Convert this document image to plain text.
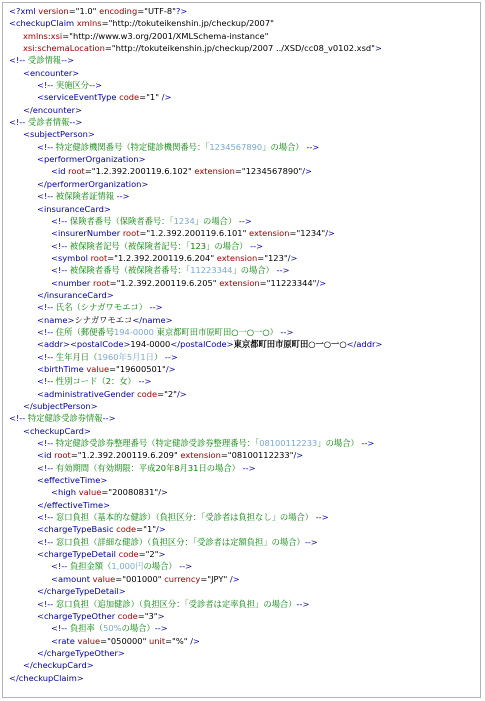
<?xml version="1.0" encoding="UTF-8"?>
<checkupClaim xmlns="http://tokuteikenshin.jp/checkup/2007"
xmlns:xsi="http://www.w3.org/2001/XMLSchema-instance"
xsi:schemaLocation="http://tokuteikenshin.jp/checkup/2007 ../XSD/cc08_v0102.xsd">
<!-- 受診情報-->
<encounter>
<!-- 実施区分-->
<serviceEventType code="1" />
</encounter>
<!-- 受診者情報-->
<subjectPerson>
<!-- 特定健診機関番号（特定健診機関番号：「1234567890」の場合） -->
<performerOrganization>
<id root="1.2.392.200119.6.102" extension="1234567890"/>
</performerOrganization>
<!-- 被保険者証情報 -->
<insuranceCard>
<!-- 保険者番号（保険者番号：「1234」の場合） -->
<insurerNumber root="1.2.392.200119.6.101" extension="1234"/>
<!-- 被保険者記号（被保険者記号：「123」の場合） -->
<symbol root="1.2.392.200119.6.204" extension="123"/>
<!-- 被保険者番号（被保険者番号：「11223344」の場合） -->
<number root="1.2.392.200119.6.205" extension="11223344"/>
</insuranceCard>
<!-- 氏名（シナガワモエコ） -->
<name>シナガワモエコ</name>
<!-- 住所（郵便番号194-0000 東京都町田市原町田○一○一○） -->
<addr><postalCode>194-0000</postalCode>東京都町田市原町田○一○一○</addr>
<!-- 生年月日（1960年5月1日） -->
<birthTime value="19600501"/>
<!-- 性別コード（2：女） -->
<administrativeGender code="2"/>
</subjectPerson>
<!-- 特定健診受診券情報-->
<checkupCard>
<!-- 特定健診受診券整理番号（特定健診受診券整理番号：「08100112233」の場合） -->
<id root="1.2.392.200119.6.209" extension="08100112233"/>
<!-- 有効期間（有効期限：平成20年8月31日の場合） -->
<effectiveTime>
<high value="20080831"/>
</effectiveTime>
<!-- 窓口負担（基本的な健診）（負担区分：「受診者は負担なし」の場合） -->
<chargeTypeBasic code="1"/>
<!-- 窓口負担（詳細な健診）（負担区分：「受診者は定額負担」の場合）-->
<chargeTypeDetail code="2">
<!-- 負担金額（1,000円の場合） -->
<amount value="001000" currency="JPY" />
</chargeTypeDetail>
<!-- 窓口負担（追加健診）（負担区分：「受診者は定率負担」の場合）-->
<chargeTypeOther code="3">
<!-- 負担率（50%の場合）-->
<rate value="050000" unit="%" />
</chargeTypeOther>
</checkupCard>
</checkupClaim>
